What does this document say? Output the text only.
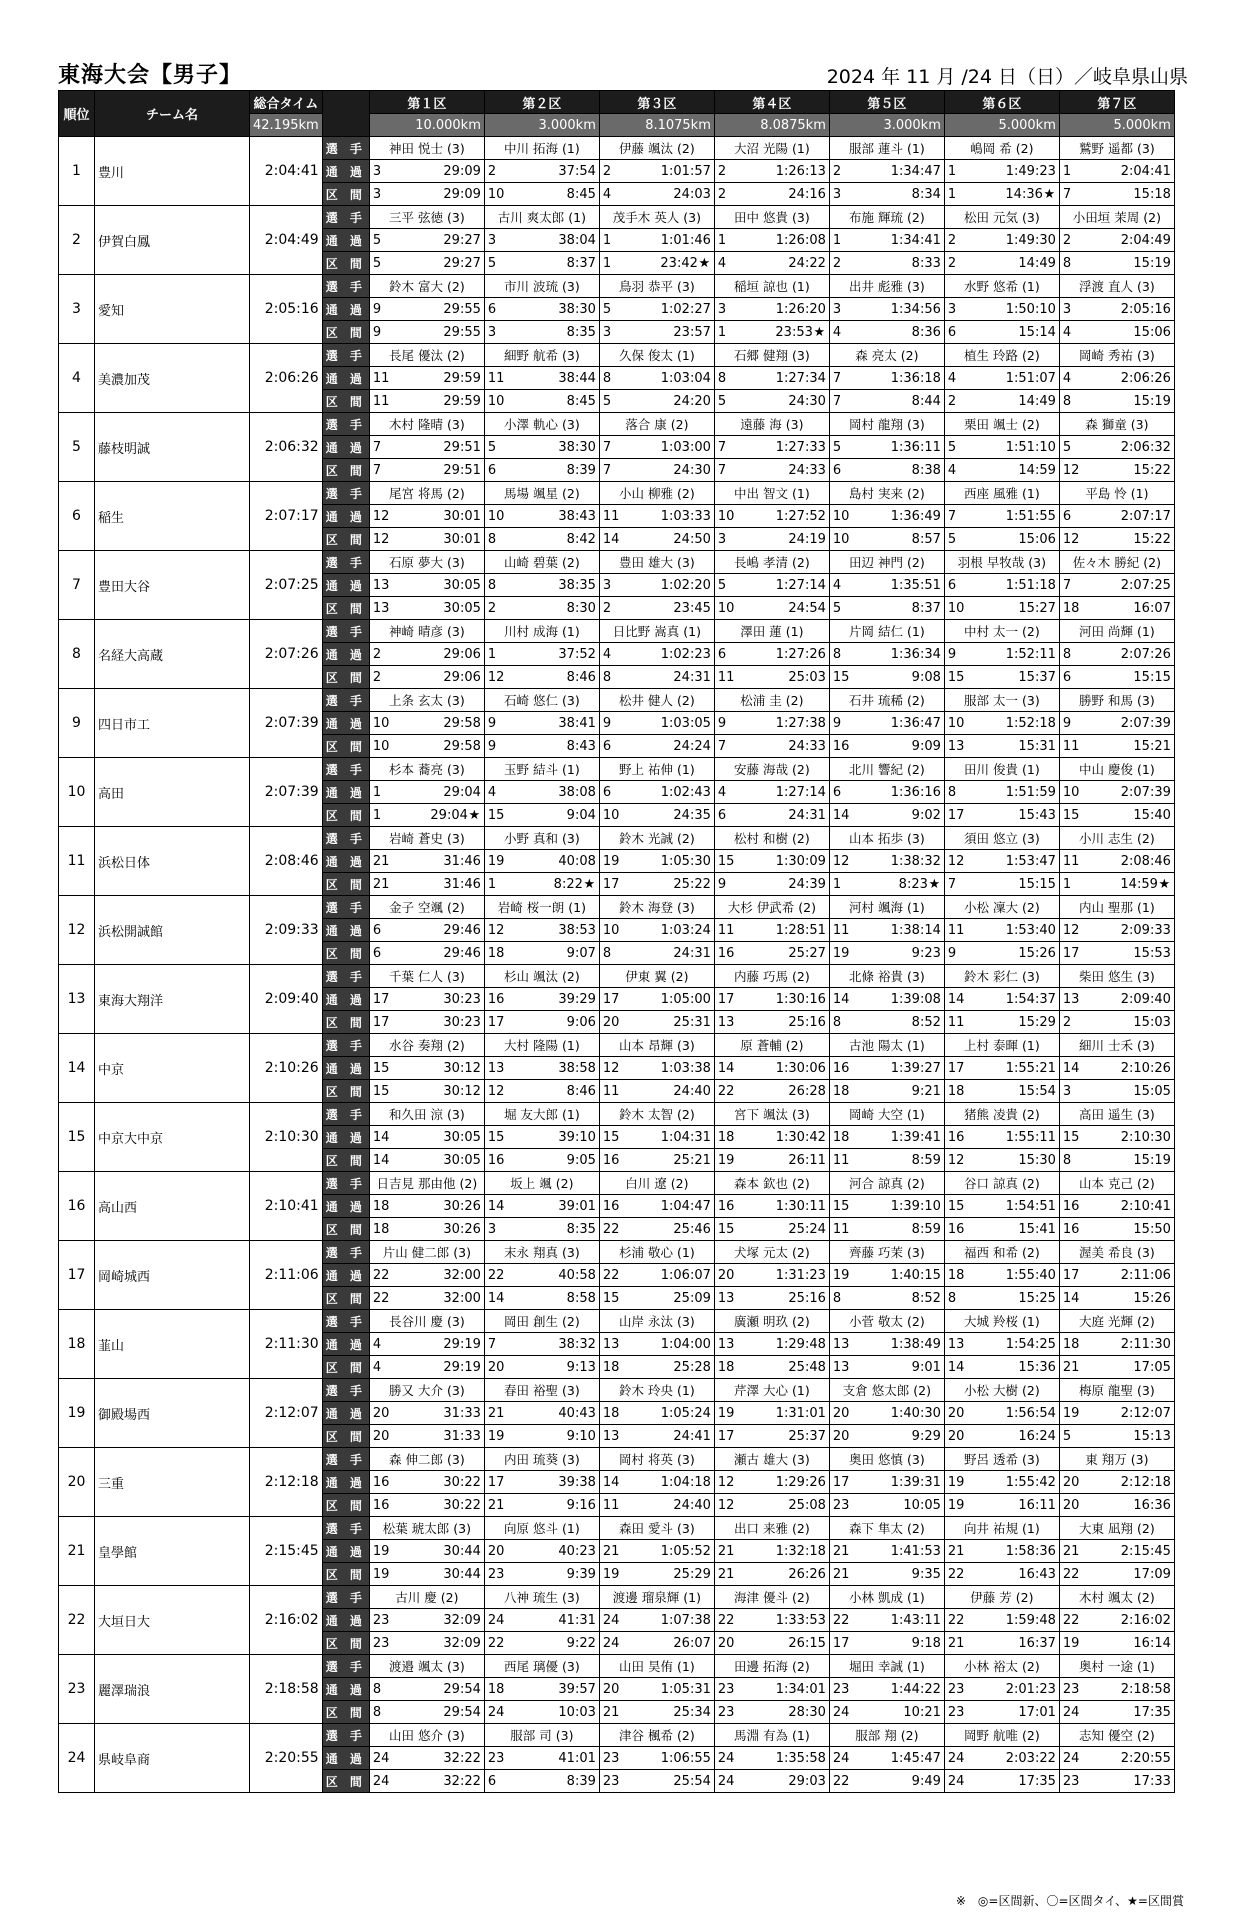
東海大会【男子】	2024 年 11 月 /24 日（日）／岐阜県山県
順位	チーム名	総合タイム		第１区		第２区		第３区		第４区		第５区		第６区		第７区	
		42.195km		10.000km		3.000km		8.1075km		8.0875km		3.000km		5.000km		5.000km	
1	豊川	2:04:41	選 手	神田 悦士 (3)		中川 拓海 (1)		伊藤 颯汰 (2)		大沼 光陽 (1)		服部 蓮斗 (1)		嶋岡 希 (2)		鷲野 遥都 (3)	
			通 過	3	29:09	2	37:54	2	1:01:57	2	1:26:13	2	1:34:47	1	1:49:23	1	2:04:41
			区 間	3	29:09	10	8:45	4	24:03	2	24:16	3	8:34	1	14:36★	7	15:18
2	伊賀白鳳	2:04:49	選 手	三平 弦徳 (3)		古川 爽太郎 (1)		茂手木 英人 (3)		田中 悠貴 (3)		布施 輝琉 (2)		松田 元気 (3)		小田垣 茉周 (2)	
			通 過	5	29:27	3	38:04	1	1:01:46	1	1:26:08	1	1:34:41	2	1:49:30	2	2:04:49
			区 間	5	29:27	5	8:37	1	23:42★	4	24:22	2	8:33	2	14:49	8	15:19
3	愛知	2:05:16	選 手	鈴木 富大 (2)		市川 波琉 (3)		鳥羽 恭平 (3)		稲垣 諒也 (1)		出井 彪雅 (3)		水野 悠希 (1)		浮渡 直人 (3)	
			通 過	9	29:55	6	38:30	5	1:02:27	3	1:26:20	3	1:34:56	3	1:50:10	3	2:05:16
			区 間	9	29:55	3	8:35	3	23:57	1	23:53★	4	8:36	6	15:14	4	15:06
4	美濃加茂	2:06:26	選 手	長尾 優汰 (2)		細野 航希 (3)		久保 俊太 (1)		石郷 健翔 (3)		森 亮太 (2)		植生 玲路 (2)		岡崎 秀祐 (3)	
			通 過	11	29:59	11	38:44	8	1:03:04	8	1:27:34	7	1:36:18	4	1:51:07	4	2:06:26
			区 間	11	29:59	10	8:45	5	24:20	5	24:30	7	8:44	2	14:49	8	15:19
5	藤枝明誠	2:06:32	選 手	木村 隆晴 (3)		小澤 軌心 (3)		落合 康 (2)		遠藤 海 (3)		岡村 龍翔 (3)		栗田 颯士 (2)		森 獅童 (3)	
			通 過	7	29:51	5	38:30	7	1:03:00	7	1:27:33	5	1:36:11	5	1:51:10	5	2:06:32
			区 間	7	29:51	6	8:39	7	24:30	7	24:33	6	8:38	4	14:59	12	15:22
6	稲生	2:07:17	選 手	尾宮 将馬 (2)		馬場 颯星 (2)		小山 柳雅 (2)		中出 智文 (1)		島村 実来 (2)		西座 風雅 (1)		平島 怜 (1)	
			通 過	12	30:01	10	38:43	11	1:03:33	10	1:27:52	10	1:36:49	7	1:51:55	6	2:07:17
			区 間	12	30:01	8	8:42	14	24:50	3	24:19	10	8:57	5	15:06	12	15:22
7	豊田大谷	2:07:25	選 手	石原 夢大 (3)		山崎 碧葉 (2)		豊田 雄大 (3)		長嶋 孝清 (2)		田辺 神門 (2)		羽根 早牧哉 (3)		佐々木 勝紀 (2)	
			通 過	13	30:05	8	38:35	3	1:02:20	5	1:27:14	4	1:35:51	6	1:51:18	7	2:07:25
			区 間	13	30:05	2	8:30	2	23:45	10	24:54	5	8:37	10	15:27	18	16:07
8	名経大高蔵	2:07:26	選 手	神崎 晴彦 (3)		川村 成海 (1)		日比野 嵩真 (1)		澤田 蓮 (1)		片岡 結仁 (1)		中村 太一 (2)		河田 尚輝 (1)	
			通 過	2	29:06	1	37:52	4	1:02:23	6	1:27:26	8	1:36:34	9	1:52:11	8	2:07:26
			区 間	2	29:06	12	8:46	8	24:31	11	25:03	15	9:08	15	15:37	6	15:15
9	四日市工	2:07:39	選 手	上条 玄太 (3)		石崎 悠仁 (3)		松井 健人 (2)		松浦 圭 (2)		石井 琉稀 (2)		服部 太一 (3)		勝野 和馬 (3)	
			通 過	10	29:58	9	38:41	9	1:03:05	9	1:27:38	9	1:36:47	10	1:52:18	9	2:07:39
			区 間	10	29:58	9	8:43	6	24:24	7	24:33	16	9:09	13	15:31	11	15:21
10	高田	2:07:39	選 手	杉本 蕎亮 (3)		玉野 結斗 (1)		野上 祐伸 (1)		安藤 海哉 (2)		北川 響紀 (2)		田川 俊貴 (1)		中山 慶俊 (1)	
			通 過	1	29:04	4	38:08	6	1:02:43	4	1:27:14	6	1:36:16	8	1:51:59	10	2:07:39
			区 間	1	29:04★	15	9:04	10	24:35	6	24:31	14	9:02	17	15:43	15	15:40
11	浜松日体	2:08:46	選 手	岩崎 蒼史 (3)		小野 真和 (3)		鈴木 光誠 (2)		松村 和樹 (2)		山本 拓歩 (3)		須田 悠立 (3)		小川 志生 (2)	
			通 過	21	31:46	19	40:08	19	1:05:30	15	1:30:09	12	1:38:32	12	1:53:47	11	2:08:46
			区 間	21	31:46	1	8:22★	17	25:22	9	24:39	1	8:23★	7	15:15	1	14:59★
12	浜松開誠館	2:09:33	選 手	金子 空颯 (2)		岩崎 桜一朗 (1)		鈴木 海登 (3)		大杉 伊武希 (2)		河村 颯海 (1)		小松 凜大 (2)		内山 聖那 (1)	
			通 過	6	29:46	12	38:53	10	1:03:24	11	1:28:51	11	1:38:14	11	1:53:40	12	2:09:33
			区 間	6	29:46	18	9:07	8	24:31	16	25:27	19	9:23	9	15:26	17	15:53
13	東海大翔洋	2:09:40	選 手	千葉 仁人 (3)		杉山 颯汰 (2)		伊東 翼 (2)		内藤 巧馬 (2)		北條 裕貴 (3)		鈴木 彩仁 (3)		柴田 悠生 (3)	
			通 過	17	30:23	16	39:29	17	1:05:00	17	1:30:16	14	1:39:08	14	1:54:37	13	2:09:40
			区 間	17	30:23	17	9:06	20	25:31	13	25:16	8	8:52	11	15:29	2	15:03
14	中京	2:10:26	選 手	水谷 奏翔 (2)		大村 隆陽 (1)		山本 昂輝 (3)		原 蒼輔 (2)		古池 陽太 (1)		上村 泰暉 (1)		細川 士禾 (3)	
			通 過	15	30:12	13	38:58	12	1:03:38	14	1:30:06	16	1:39:27	17	1:55:21	14	2:10:26
			区 間	15	30:12	12	8:46	11	24:40	22	26:28	18	9:21	18	15:54	3	15:05
15	中京大中京	2:10:30	選 手	和久田 涼 (3)		堀 友大郎 (1)		鈴木 太智 (2)		宮下 颯汰 (3)		岡崎 大空 (1)		猪熊 凌貴 (2)		高田 遥生 (3)	
			通 過	14	30:05	15	39:10	15	1:04:31	18	1:30:42	18	1:39:41	16	1:55:11	15	2:10:30
			区 間	14	30:05	16	9:05	16	25:21	19	26:11	11	8:59	12	15:30	8	15:19
16	高山西	2:10:41	選 手	日吉見 那由他 (2)		坂上 颯 (2)		白川 遼 (2)		森本 欽也 (2)		河合 諒真 (2)		谷口 諒真 (2)		山本 克己 (2)	
			通 過	18	30:26	14	39:01	16	1:04:47	16	1:30:11	15	1:39:10	15	1:54:51	16	2:10:41
			区 間	18	30:26	3	8:35	22	25:46	15	25:24	11	8:59	16	15:41	16	15:50
17	岡崎城西	2:11:06	選 手	片山 健二郎 (3)		末永 翔真 (3)		杉浦 敬心 (1)		犬塚 元太 (2)		齊藤 巧茉 (3)		福西 和希 (2)		渥美 希良 (3)	
			通 過	22	32:00	22	40:58	22	1:06:07	20	1:31:23	19	1:40:15	18	1:55:40	17	2:11:06
			区 間	22	32:00	14	8:58	15	25:09	13	25:16	8	8:52	8	15:25	14	15:26
18	韮山	2:11:30	選 手	長谷川 慶 (3)		岡田 創生 (2)		山岸 永汰 (3)		廣瀬 明玖 (2)		小菅 敬太 (2)		大城 羚桜 (1)		大庭 光輝 (2)	
			通 過	4	29:19	7	38:32	13	1:04:00	13	1:29:48	13	1:38:49	13	1:54:25	18	2:11:30
			区 間	4	29:19	20	9:13	18	25:28	18	25:48	13	9:01	14	15:36	21	17:05
19	御殿場西	2:12:07	選 手	勝又 大介 (3)		春田 裕聖 (3)		鈴木 玲央 (1)		芹澤 大心 (1)		支倉 悠太郎 (2)		小松 大樹 (2)		梅原 龍聖 (3)	
			通 過	20	31:33	21	40:43	18	1:05:24	19	1:31:01	20	1:40:30	20	1:56:54	19	2:12:07
			区 間	20	31:33	19	9:10	13	24:41	17	25:37	20	9:29	20	16:24	5	15:13
20	三重	2:12:18	選 手	森 伸二郎 (3)		内田 琉葵 (3)		岡村 将英 (3)		瀬古 雄大 (3)		奥田 悠慎 (3)		野呂 透希 (3)		東 翔万 (3)	
			通 過	16	30:22	17	39:38	14	1:04:18	12	1:29:26	17	1:39:31	19	1:55:42	20	2:12:18
			区 間	16	30:22	21	9:16	11	24:40	12	25:08	23	10:05	19	16:11	20	16:36
21	皇學館	2:15:45	選 手	松葉 琥太郎 (3)		向原 悠斗 (1)		森田 愛斗 (3)		出口 来雅 (2)		森下 隼太 (2)		向井 祐規 (1)		大東 凪翔 (2)	
			通 過	19	30:44	20	40:23	21	1:05:52	21	1:32:18	21	1:41:53	21	1:58:36	21	2:15:45
			区 間	19	30:44	23	9:39	19	25:29	21	26:26	21	9:35	22	16:43	22	17:09
22	大垣日大	2:16:02	選 手	古川 慶 (2)		八神 琉生 (3)		渡邊 瑠泉輝 (1)		海津 優斗 (2)		小林 凱成 (1)		伊藤 芳 (2)		木村 颯太 (2)	
			通 過	23	32:09	24	41:31	24	1:07:38	22	1:33:53	22	1:43:11	22	1:59:48	22	2:16:02
			区 間	23	32:09	22	9:22	24	26:07	20	26:15	17	9:18	21	16:37	19	16:14
23	麗澤瑞浪	2:18:58	選 手	渡邉 颯太 (3)		西尾 璃優 (3)		山田 昊侑 (1)		田邊 拓海 (2)		堀田 幸誠 (1)		小林 裕太 (2)		奥村 一途 (1)	
			通 過	8	29:54	18	39:57	20	1:05:31	23	1:34:01	23	1:44:22	23	2:01:23	23	2:18:58
			区 間	8	29:54	24	10:03	21	25:34	23	28:30	24	10:21	23	17:01	24	17:35
24	県岐阜商	2:20:55	選 手	山田 悠介 (3)		服部 司 (3)		津谷 楓希 (2)		馬淵 有為 (1)		服部 翔 (2)		岡野 航唯 (2)		志知 優空 (2)	
			通 過	24	32:22	23	41:01	23	1:06:55	24	1:35:58	24	1:45:47	24	2:03:22	24	2:20:55
			区 間	24	32:22	6	8:39	23	25:54	24	29:03	22	9:49	24	17:35	23	17:33
※　◎=区間新、〇=区間タイ、★=区間賞
